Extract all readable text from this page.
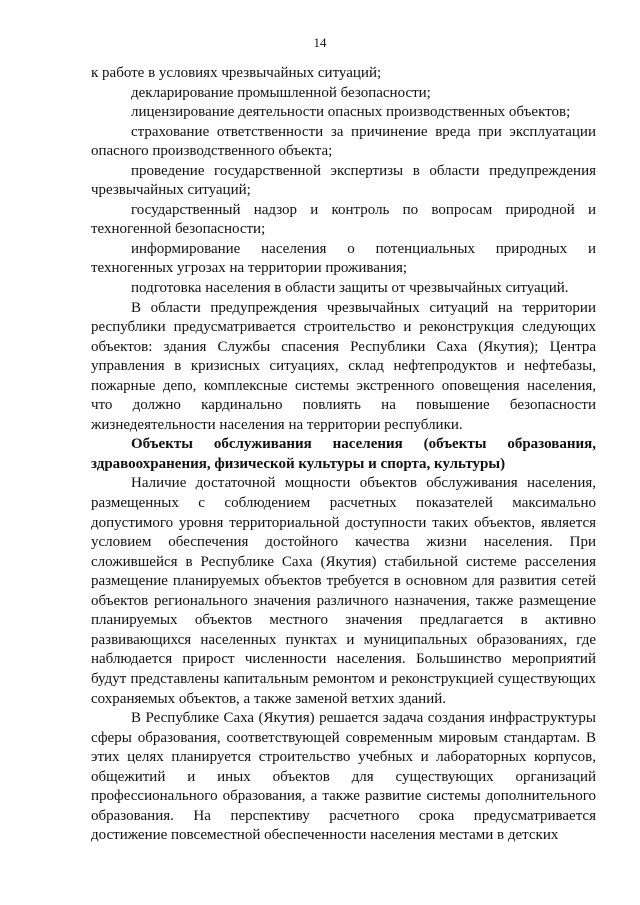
14

к работе в условиях чрезвычайных ситуаций;

декларирование промышленной безопасности;

лицензирование деятельности опасных производственных объектов;

страхование ответственности за причинение вреда при эксплуатации опасного производственного объекта;

проведение государственной экспертизы в области предупреждения чрезвычайных ситуаций;

государственный надзор и контроль по вопросам природной и техногенной безопасности;

информирование населения о потенциальных природных и техногенных угрозах на территории проживания;

подготовка населения в области защиты от чрезвычайных ситуаций.

В области предупреждения чрезвычайных ситуаций на территории республики предусматривается строительство и реконструкция следующих объектов: здания Службы спасения Республики Саха (Якутия); Центра управления в кризисных ситуациях, склад нефтепродуктов и нефтебазы, пожарные депо, комплексные системы экстренного оповещения населения, что должно кардинально повлиять на повышение безопасности жизнедеятельности населения на территории республики.

Объекты обслуживания населения (объекты образования, здравоохранения, физической культуры и спорта, культуры)

Наличие достаточной мощности объектов обслуживания населения, размещенных с соблюдением расчетных показателей максимально допустимого уровня территориальной доступности таких объектов, является условием обеспечения достойного качества жизни населения. При сложившейся в Республике Саха (Якутия) стабильной системе расселения размещение планируемых объектов требуется в основном для развития сетей объектов регионального значения различного назначения, также размещение планируемых объектов местного значения предлагается в активно развивающихся населенных пунктах и муниципальных образованиях, где наблюдается прирост численности населения. Большинство мероприятий будут представлены капитальным ремонтом и реконструкцией существующих сохраняемых объектов, а также заменой ветхих зданий.

В Республике Саха (Якутия) решается задача создания инфраструктуры сферы образования, соответствующей современным мировым стандартам. В этих целях планируется строительство учебных и лабораторных корпусов, общежитий и иных объектов для существующих организаций профессионального образования, а также развитие системы дополнительного образования. На перспективу расчетного срока предусматривается достижение повсеместной обеспеченности населения местами в детских
